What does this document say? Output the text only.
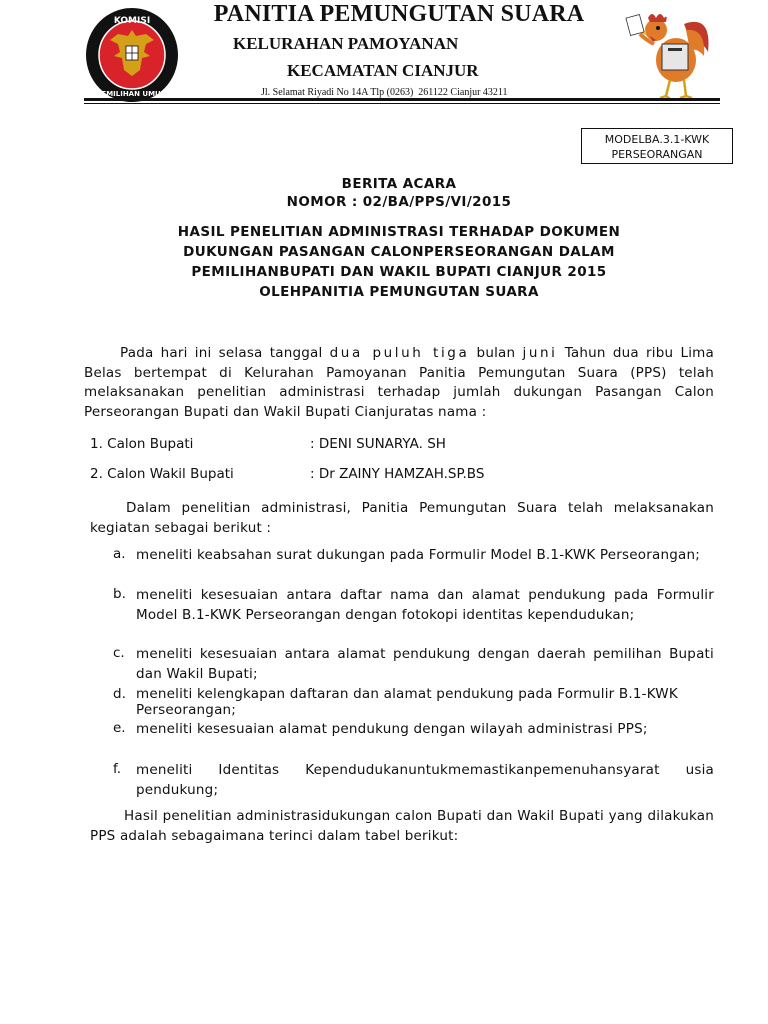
KOMISI
PEMILIHAN UMUM
PANITIA PEMUNGUTAN SUARA
KELURAHAN PAMOYANAN
KECAMATAN CIANJUR
Jl. Selamat Riyadi No 14A Tlp (0263)  261122 Cianjur 43211
MODELBA.3.1-KWK
PERSEORANGAN
BERITA ACARA
NOMOR : 02/BA/PPS/VI/2015
HASIL PENELITIAN ADMINISTRASI TERHADAP DOKUMEN
DUKUNGAN PASANGAN CALONPERSEORANGAN DALAM
PEMILIHANBUPATI DAN WAKIL BUPATI CIANJUR 2015
OLEHPANITIA PEMUNGUTAN SUARA
Pada hari ini selasa tanggal dua puluh tiga bulan juni Tahun dua ribu Lima Belas bertempat di Kelurahan Pamoyanan Panitia Pemungutan Suara (PPS) telah melaksanakan penelitian administrasi terhadap jumlah dukungan Pasangan Calon Perseorangan Bupati dan Wakil Bupati Cianjuratas nama :
1. Calon Bupati	: DENI SUNARYA. SH
2. Calon Wakil Bupati	: Dr ZAINY HAMZAH.SP.BS
Dalam penelitian administrasi, Panitia Pemungutan Suara telah melaksanakan kegiatan sebagai berikut :
a. meneliti keabsahan surat dukungan pada Formulir Model B.1-KWK Perseorangan;
b. meneliti kesesuaian antara daftar nama dan alamat pendukung pada Formulir Model B.1-KWK Perseorangan dengan fotokopi identitas kependudukan;
c. meneliti kesesuaian antara alamat pendukung dengan daerah pemilihan Bupati dan Wakil Bupati;
d. meneliti kelengkapan daftaran dan alamat pendukung pada Formulir B.1-KWK Perseorangan;
e. meneliti kesesuaian alamat pendukung dengan wilayah administrasi PPS;
f. meneliti Identitas Kependudukanuntukmemastikanpemenuhansyarat usia pendukung;
Hasil penelitian administrasidukungan calon Bupati dan Wakil Bupati yang dilakukan PPS adalah sebagaimana terinci dalam tabel berikut:
